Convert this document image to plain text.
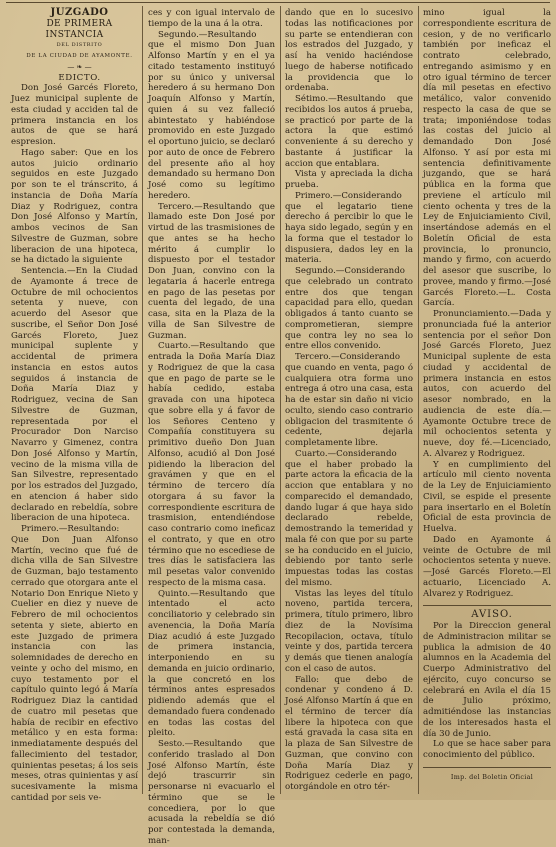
JUZGADO

DE PRIMERA INSTANCIA

DEL DISTRITO

DE LA CIUDAD DE AYAMONTE.

— ❧ —

EDICTO.

Don José Garcés Floreto, Juez municipal suplente de esta ciudad y acciden tal de primera instancia en los autos de que se hará espresion.

Hago saber: Que en los autos juicio ordinario seguidos en este Juzgado por son te el tránscrito, á instancia de Doña María Diaz y Rodriguez, contra Don José Alfonso y Martín, ambos vecinos de San Silvestre de Guzman, sobre liberacion de una hipoteca, se ha dictado la siguiente

Sentencia.—En la Ciudad de Ayamonte á trece de Octubre de mil ochocientos setenta y nueve, con acuerdo del Asesor que suscribe, el Señor Don José Garcés Floreto, Juez municipal suplente y accidental de primera instancia en estos autos seguidos á instancia de Doña María Diaz y Rodriguez, vecina de San Silvestre de Guzman, representada por el Procurador Don Narciso Navarro y Gimenez, contra Don José Alfonso y Martín, vecino de la misma villa de San Silvestre, representado por los estrados del Juzgado, en atencion á haber sido declarado en rebeldía, sobre liberacion de una hipoteca.

Primero.—Resultando: Que Don Juan Alfonso Martín, vecino que fué de dicha villa de San Silvestre de Guzman, bajo testamento cerrado que otorgara ante el Notario Don Enrique Nieto y Cuelier en diez y nueve de Febrero de mil ochocientos setenta y siete, abierto en este Juzgado de primera instancia con las solemnidades de derecho en veinte y ocho del mismo, en cuyo testamento por el capítulo quinto legó á María Rodriguez Diaz la cantidad de cuatro mil pesetas que había de recibir en efectivo metálico y en esta forma: inmediatamente después del fallecimiento del testador, quinientas pesetas; á los seis meses, otras quinientas y así sucesivamente la misma cantidad por seis ve-

ces y con igual intervalo de tiempo de la una á la otra.

Segundo.—Resultando que el mismo Don Juan Alfonso Martín y en el ya citado testamento instituyó por su único y universal heredero á su hermano Don Joaquín Alfonso y Martín, quien á su vez falleció abintestato y habiéndose promovido en este Juzgado el oportuno juicio, se declaró por auto de once de Febrero del presente año al hoy demandado su hermano Don José como su legítimo heredero.

Tercero.—Resultando que llamado este Don José por virtud de las trasmisiones de que antes se ha hecho mérito á cumplir lo dispuesto por el testador Don Juan, convino con la legataria á hacerle entrega en pago de las pesetas por cuenta del legado, de una casa, sita en la Plaza de la villa de San Silvestre de Guzman.

Cuarto.—Resultando que entrada la Doña María Diaz y Rodriguez de que la casa que en pago de parte se le había cedido, estaba gravada con una hipoteca que sobre ella y á favor de los Señores Centeno y Compañía constituyera su primitivo dueño Don Juan Alfonso, acudió al Don José pidiendo la liberacion del gravámen y que en el término de tercero día otorgara á su favor la correspondiente escritura de trasmision, entendiéndose caso contrario como ineficaz el contrato, y que en otro término que no escediese de tres días le satisfaciera las mil pesetas valor convenido respecto de la misma casa.

Quinto.—Resultando que intentado el acto conciliatorio y celebrado sin avenencia, la Doña María Diaz acudió á este Juzgado de primera instancia, interponiendo en su demanda en juicio ordinario, la que concretó en los términos antes espresados pidiendo además que el demandado fuera condenado en todas las costas del pleito.

Sesto.—Resultando que conferido traslado al Don José Alfonso Martín, éste dejó trascurrir sin personarse ni evacuarlo el término que se le concediera, por lo que acusada la rebeldía se dió por contestada la demanda, man-

dando que en lo sucesivo todas las notificaciones por su parte se entendieran con los estrados del Juzgado, y así ha venido haciéndose luego de haberse notificado la providencia que lo ordenaba.

Sétimo.—Resultando que recibidos los autos á prueba, se practicó por parte de la actora la que estimó conveniente á su derecho y bastante á justificar la accion que entablara.

Vista y apreciada la dicha prueba.

Primero.—Considerando que el legatario tiene derecho á percibir lo que le haya sido legado, según y en la forma que el testador lo dispusiera, dados ley en la materia.

Segundo.—Considerando que celebrado un contrato entre dos que tengan capacidad para ello, quedan obligados á tanto cuanto se comprometieran, siempre que contra ley no sea lo entre ellos convenido.

Tercero.—Considerando que cuando en venta, pago ó cualquiera otra forma uno entrega á otro una casa, esta ha de estar sin daño ni vicio oculto, siendo caso contrario obligacion del trasmitente ó cedente, dejarla completamente libre.

Cuarto.—Considerando que el haber probado la parte actora la eficacia de la accion que entablara y no comparecido el demandado, dando lugar á que haya sido declarado rebelde, demostrando la temeridad y mala fé con que por su parte se ha conducido en el juicio, debiendo por tanto serle impuestas todas las costas del mismo.

Vistas las leyes del título noveno, partida tercera, primera, título primero, libro diez de la Novísima Recopilacion, octava, título veinte y dos, partida tercera y demás que tienen analogía con el caso de autos.

Fallo: que debo de condenar y condeno á D. José Alfonso Martín á que en el término de tercer día libere la hipoteca con que está gravada la casa sita en la plaza de San Silvestre de Guzman, que convino con Doña María Diaz y Rodriguez cederle en pago, otorgándole en otro tér-

mino igual la correspondiente escritura de cesion, y de no verificarlo también por ineficaz el contrato celebrado, entregando asimismo y en otro igual término de tercer día mil pesetas en efectivo metálico, valor convenido respecto la casa de que se trata; imponiéndose todas las costas del juicio al demandado Don José Alfonso. Y así por esta mi sentencia definitivamente juzgando, que se hará pública en la forma que previene el artículo mil ciento ochenta y tres de la Ley de Enjuiciamiento Civil, insertándose además en el Boletín Oficial de esta provincia, lo pronuncio, mando y firmo, con acuerdo del asesor que suscribe, lo provee, mando y firmo.—José Garcés Floreto.—L. Costa García.

Pronunciamiento.—Dada y pronunciada fué la anterior sentencia por el señor Don José Garcés Floreto, Juez Municipal suplente de esta ciudad y accidental de primera instancia en estos autos, con acuerdo del asesor nombrado, en la audiencia de este día.—Ayamonte Octubre trece de mil ochocientos setenta y nueve, doy fé.—Licenciado, A. Alvarez y Rodriguez.

Y en cumplimiento del artículo mil ciento noventa de la Ley de Enjuiciamiento Civil, se espide el presente para insertarlo en el Boletín Oficial de esta provincia de Huelva.

Dado en Ayamonte á veinte de Octubre de mil ochocientos setenta y nueve.—José Garcés Floreto.—El actuario, Licenciado A. Alvarez y Rodriguez.

AVISO.

Por la Direccion general de Administracion militar se publica la admision de 40 alumnos en la Academia del Cuerpo Administrativo del ejército, cuyo concurso se celebrará en Avila el día 15 de Julio próximo, admitiéndose las instancias de los interesados hasta el día 30 de Junio.

Lo que se hace saber para conocimiento del público.

Imp. del Boletin Oficial
